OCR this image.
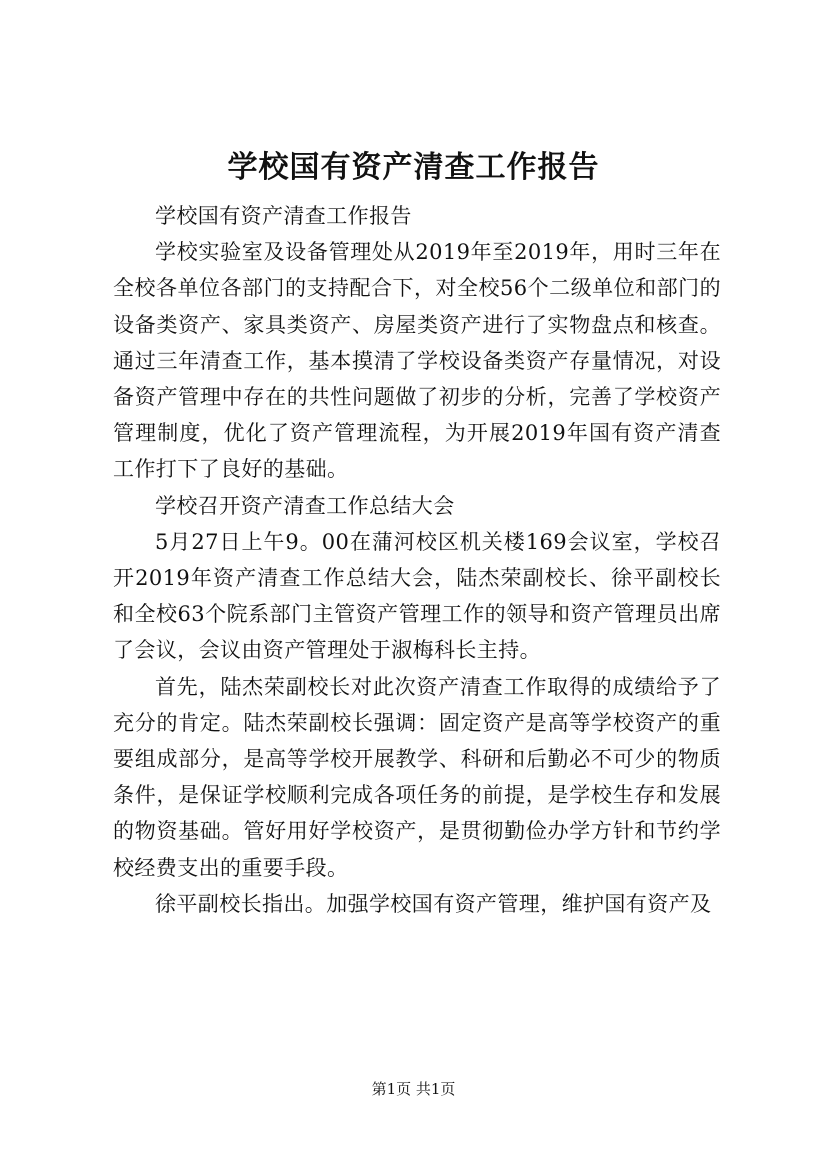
学校国有资产清查工作报告

学校国有资产清查工作报告

学校实验室及设备管理处从2019年至2019年，用时三年在全校各单位各部门的支持配合下，对全校56个二级单位和部门的设备类资产、家具类资产、房屋类资产进行了实物盘点和核查。通过三年清查工作，基本摸清了学校设备类资产存量情况，对设备资产管理中存在的共性问题做了初步的分析，完善了学校资产管理制度，优化了资产管理流程，为开展2019年国有资产清查工作打下了良好的基础。

学校召开资产清查工作总结大会

5月27日上午9。00在蒲河校区机关楼169会议室，学校召开2019年资产清查工作总结大会，陆杰荣副校长、徐平副校长和全校63个院系部门主管资产管理工作的领导和资产管理员出席了会议，会议由资产管理处于淑梅科长主持。

首先，陆杰荣副校长对此次资产清查工作取得的成绩给予了充分的肯定。陆杰荣副校长强调：固定资产是高等学校资产的重要组成部分，是高等学校开展教学、科研和后勤必不可少的物质条件，是保证学校顺利完成各项任务的前提，是学校生存和发展的物资基础。管好用好学校资产，是贯彻勤俭办学方针和节约学校经费支出的重要手段。

徐平副校长指出。加强学校国有资产管理，维护国有资产及

第1页 共1页
